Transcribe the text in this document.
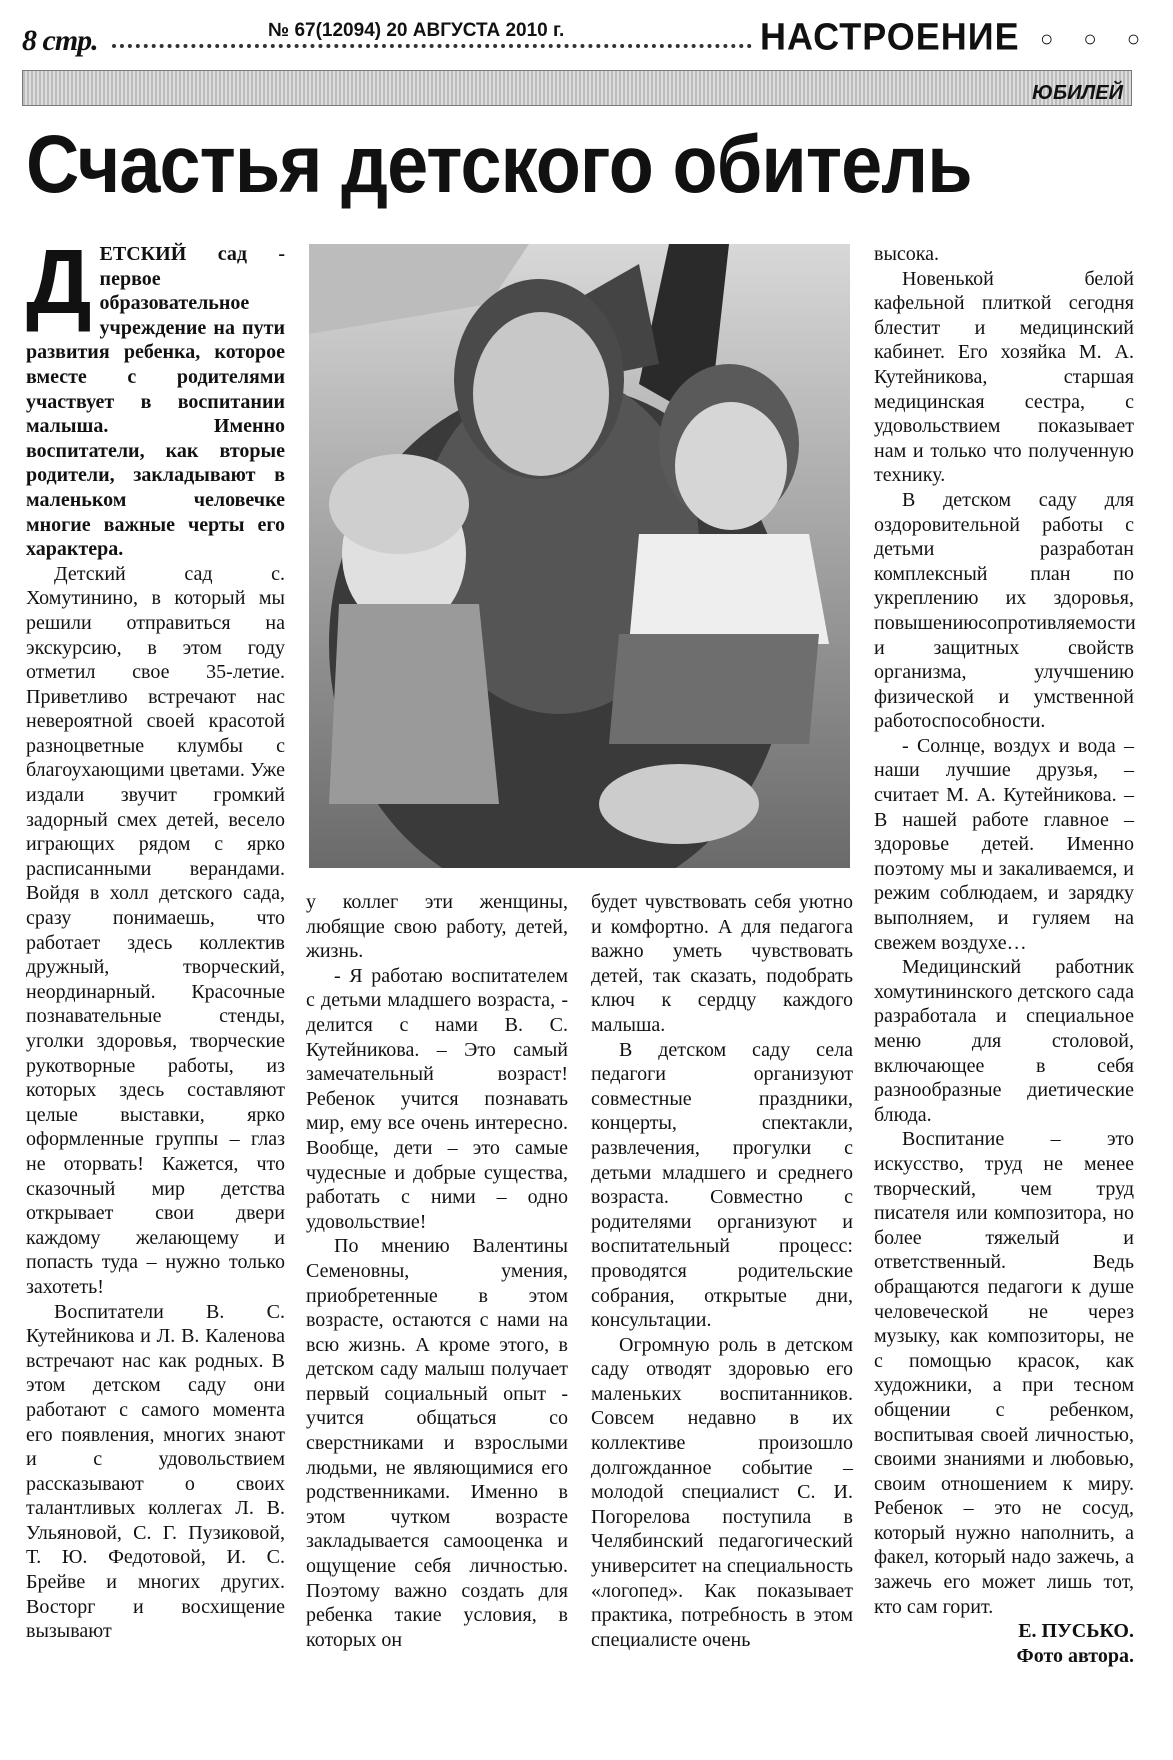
8 стр.	№ 67(12094) 20 АВГУСТА 2010 г.	НАСТРОЕНИЕ ○ ○ ○
ЮБИЛЕЙ
Счастья детского обитель

ДЕТСКИЙ сад - первое образовательное учреждение на пути развития ребенка, которое вместе с родителями участвует в воспитании малыша. Именно воспитатели, как вторые родители, закладывают в маленьком человечке многие важные черты его характера.

Детский сад с. Хомутинино, в который мы решили отправиться на экскурсию, в этом году отметил свое 35-летие. Приветливо встречают нас невероятной своей красотой разноцветные клумбы с благоухающими цветами. Уже издали звучит громкий задорный смех детей, весело играющих рядом с ярко расписанными верандами. Войдя в холл детского сада, сразу понимаешь, что работает здесь коллектив дружный, творческий, неординарный. Красочные познавательные стенды, уголки здоровья, творческие рукотворные работы, из которых здесь составляют целые выставки, ярко оформленные группы – глаз не оторвать! Кажется, что сказочный мир детства открывает свои двери каждому желающему и попасть туда – нужно только захотеть!

Воспитатели В. С. Кутейникова и Л. В. Каленова встречают нас как родных. В этом детском саду они работают с самого момента его появления, многих знают и с удовольствием рассказывают о своих талантливых коллегах Л. В. Ульяновой, С. Г. Пузиковой, Т. Ю. Федотовой, И. С. Брейве и многих других. Восторг и восхищение вызывают

у коллег эти женщины, любящие свою работу, детей, жизнь.

- Я работаю воспитателем с детьми младшего возраста, - делится с нами В. С. Кутейникова. – Это самый замечательный возраст! Ребенок учится познавать мир, ему все очень интересно. Вообще, дети – это самые чудесные и добрые существа, работать с ними – одно удовольствие!

По мнению Валентины Семеновны, умения, приобретенные в этом возрасте, остаются с нами на всю жизнь. А кроме этого, в детском саду малыш получает первый социальный опыт - учится общаться со сверстниками и взрослыми людьми, не являющимися его родственниками. Именно в этом чутком возрасте закладывается самооценка и ощущение себя личностью. Поэтому важно создать для ребенка такие условия, в которых он

будет чувствовать себя уютно и комфортно. А для педагога важно уметь чувствовать детей, так сказать, подобрать ключ к сердцу каждого малыша.

В детском саду села педагоги организуют совместные праздники, концерты, спектакли, развлечения, прогулки с детьми младшего и среднего возраста. Совместно с родителями организуют и воспитательный процесс: проводятся родительские собрания, открытые дни, консультации.

Огромную роль в детском саду отводят здоровью его маленьких воспитанников. Совсем недавно в их коллективе произошло долгожданное событие – молодой специалист С. И. Погорелова поступила в Челябинский педагогический университет на специальность «логопед». Как показывает практика, потребность в этом специалисте очень

высока.

Новенькой белой кафельной плиткой сегодня блестит и медицинский кабинет. Его хозяйка М. А. Кутейникова, старшая медицинская сестра, с удовольствием показывает нам и только что полученную технику.

В детском саду для оздоровительной работы с детьми разработан комплексный план по укреплению их здоровья, повышениюсопротивляемости и защитных свойств организма, улучшению физической и умственной работоспособности.

- Солнце, воздух и вода – наши лучшие друзья, – считает М. А. Кутейникова. – В нашей работе главное – здоровье детей. Именно поэтому мы и закаливаемся, и режим соблюдаем, и зарядку выполняем, и гуляем на свежем воздухе…

Медицинский работник хомутининского детского сада разработала и специальное меню для столовой, включающее в себя разнообразные диетические блюда.

Воспитание – это искусство, труд не менее творческий, чем труд писателя или композитора, но более тяжелый и ответственный. Ведь обращаются педагоги к душе человеческой не через музыку, как композиторы, не с помощью красок, как художники, а при тесном общении с ребенком, воспитывая своей личностью, своими знаниями и любовью, своим отношением к миру. Ребенок – это не сосуд, который нужно наполнить, а факел, который надо зажечь, а зажечь его может лишь тот, кто сам горит.

Е. ПУСЬКО.

Фото автора.
